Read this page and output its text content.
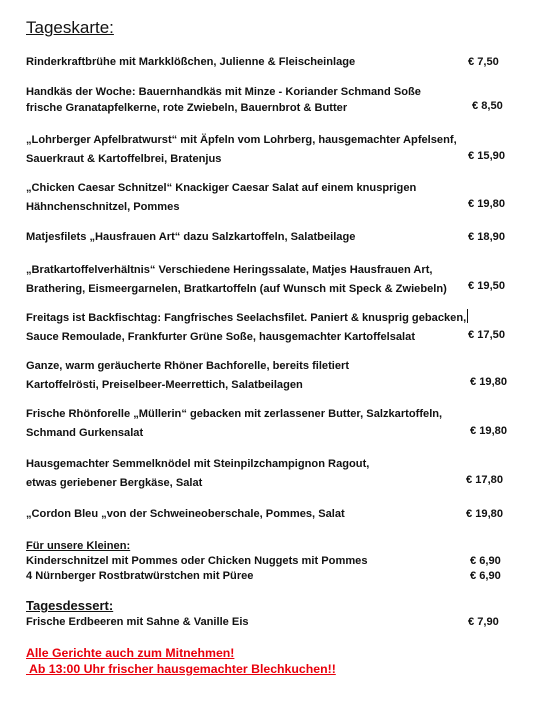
Tageskarte:
Rinderkraftbrühe mit Markklößchen, Julienne & Fleischeinlage	€ 7,50
Handkäs der Woche: Bauernhandkäs mit Minze - Koriander Schmand Soße
frische Granatapfelkerne, rote Zwiebeln, Bauernbrot & Butter	€ 8,50
„Lohrberger Apfelbratwurst“ mit Äpfeln vom Lohrberg, hausgemachter Apfelsenf,
Sauerkraut & Kartoffelbrei, Bratenjus	€ 15,90
„Chicken Caesar Schnitzel“ Knackiger Caesar Salat auf einem knusprigen
Hähnchenschnitzel, Pommes	€ 19,80
Matjesfilets „Hausfrauen Art“ dazu Salzkartoffeln, Salatbeilage	€ 18,90
„Bratkartoffelverhältnis“ Verschiedene Heringssalate, Matjes Hausfrauen Art,
Brathering, Eismeergarnelen, Bratkartoffeln (auf Wunsch mit Speck & Zwiebeln)	€ 19,50
Freitags ist Backfischtag: Fangfrisches Seelachsfilet. Paniert & knusprig gebacken,
Sauce Remoulade, Frankfurter Grüne Soße, hausgemachter Kartoffelsalat	€ 17,50
Ganze, warm geräucherte Rhöner Bachforelle, bereits filetiert
Kartoffelrösti, Preiselbeer-Meerrettich, Salatbeilagen	€ 19,80
Frische Rhönforelle „Müllerin“ gebacken mit zerlassener Butter, Salzkartoffeln,
Schmand Gurkensalat	€ 19,80
Hausgemachter Semmelknödel mit Steinpilzchampignon Ragout,
etwas geriebener Bergkäse, Salat	€ 17,80
„Cordon Bleu „von der Schweineoberschale, Pommes, Salat	€ 19,80
Für unsere Kleinen:
Kinderschnitzel mit Pommes oder Chicken Nuggets mit Pommes	€ 6,90
4 Nürnberger Rostbratwürstchen mit Püree	€ 6,90
Tagesdessert:
Frische Erdbeeren mit Sahne & Vanille Eis	€ 7,90
Alle Gerichte auch zum Mitnehmen!
Ab 13:00 Uhr frischer hausgemachter Blechkuchen!!
